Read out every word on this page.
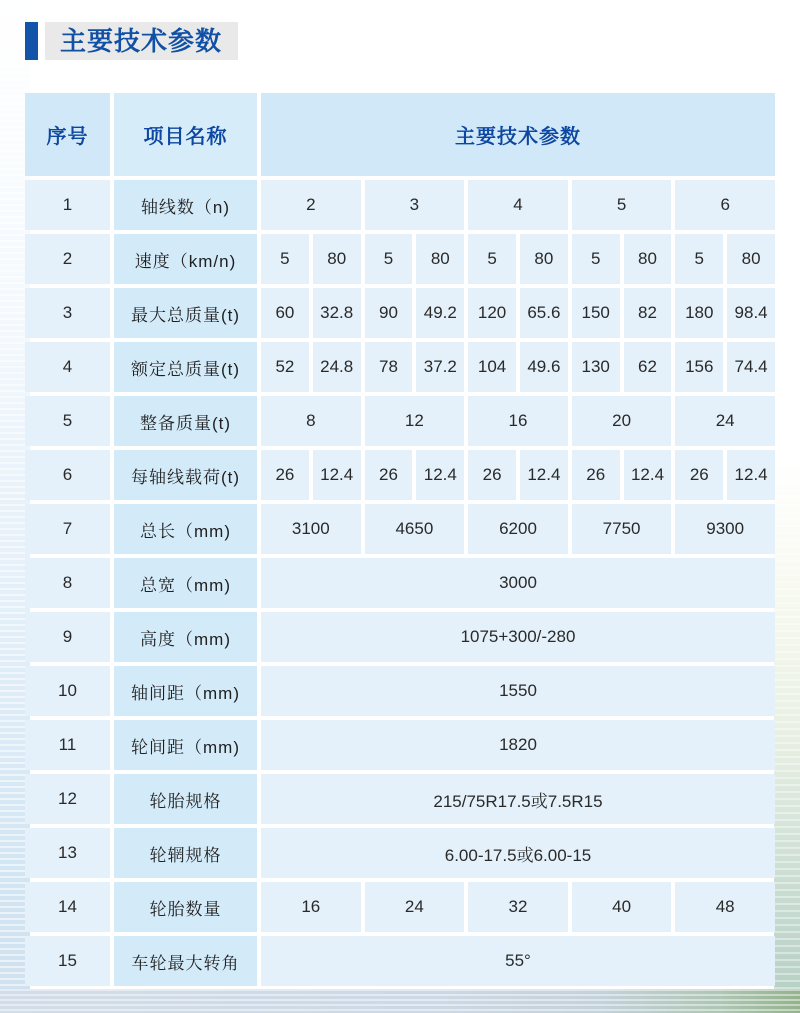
主要技术参数
序号	项目名称	主要技术参数
1	轴线数（n)	2	3	4	5	6
2	速度（km/n)	5	80	5	80	5	80	5	80	5	80
3	最大总质量(t)	60	32.8	90	49.2	120	65.6	150	82	180	98.4
4	额定总质量(t)	52	24.8	78	37.2	104	49.6	130	62	156	74.4
5	整备质量(t)	8	12	16	20	24
6	每轴线载荷(t)	26	12.4	26	12.4	26	12.4	26	12.4	26	12.4
7	总长（mm)	3100	4650	6200	7750	9300
8	总宽（mm)	3000
9	高度（mm)	1075+300/-280
10	轴间距（mm)	1550
11	轮间距（mm)	1820
12	轮胎规格	215/75R17.5或7.5R15
13	轮辋规格	6.00-17.5或6.00-15
14	轮胎数量	16	24	32	40	48
15	车轮最大转角	55°
